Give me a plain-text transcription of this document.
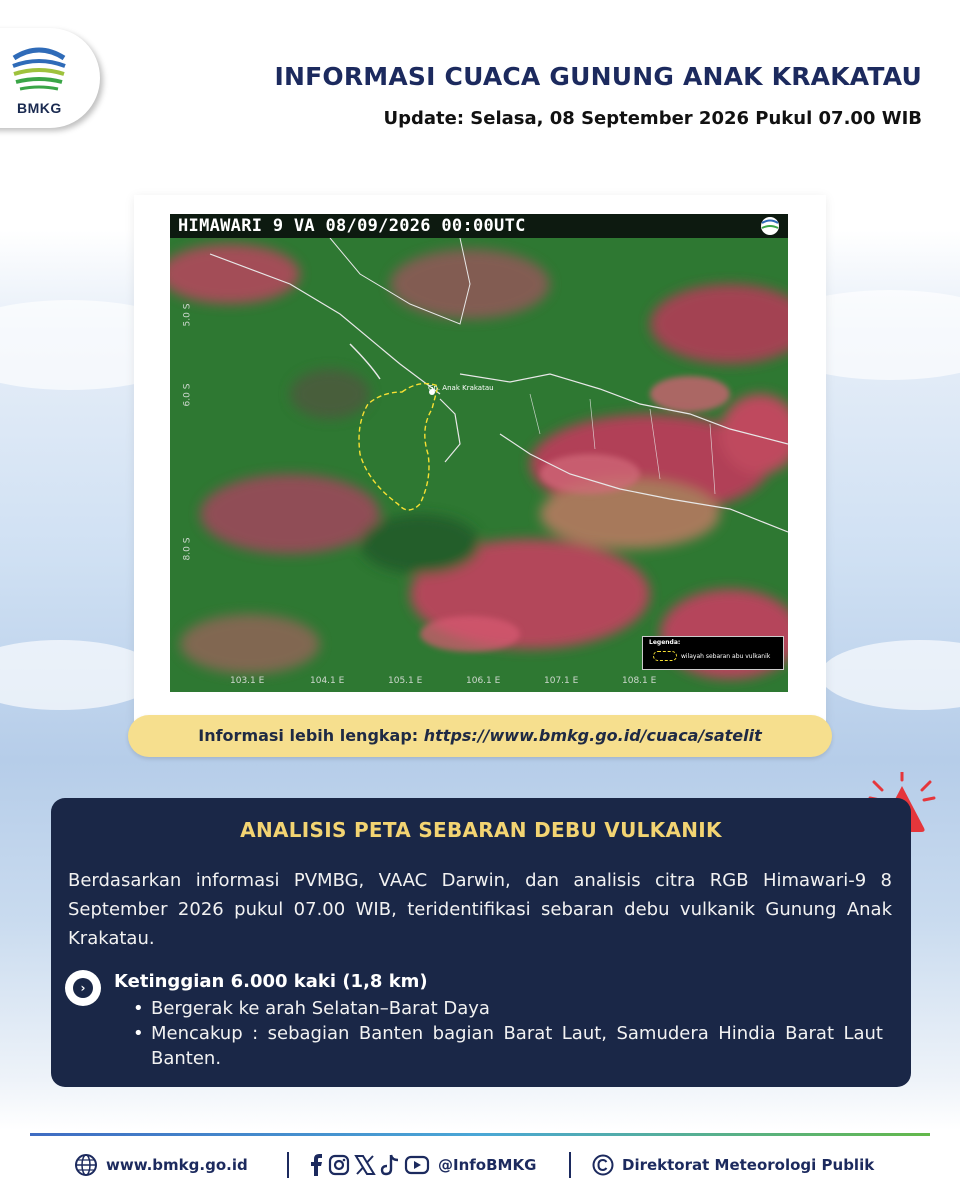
BMKG
INFORMASI CUACA GUNUNG ANAK KRAKATAU
Update: Selasa, 08 September 2026 Pukul 07.00 WIB
HIMAWARI 9 VA 08/09/2026 00:00UTC
Gn. Anak Krakatau
5.0 S
6.0 S
8.0 S
103.1 E	104.1 E	105.1 E	106.1 E	107.1 E	108.1 E
Legenda:
wilayah sebaran abu vulkanik
Informasi lebih lengkap: https://www.bmkg.go.id/cuaca/satelit
ANALISIS PETA SEBARAN DEBU VULKANIK
Berdasarkan informasi PVMBG, VAAC Darwin, dan analisis citra RGB Himawari-9 8 September 2026 pukul 07.00 WIB, teridentifikasi sebaran debu vulkanik Gunung Anak Krakatau.
›	Ketinggian 6.000 kaki (1,8 km)
• Bergerak ke arah Selatan–Barat Daya
• Mencakup : sebagian Banten bagian Barat Laut, Samudera Hindia Barat Laut Banten.
www.bmkg.go.id	@InfoBMKG	Direktorat Meteorologi Publik
